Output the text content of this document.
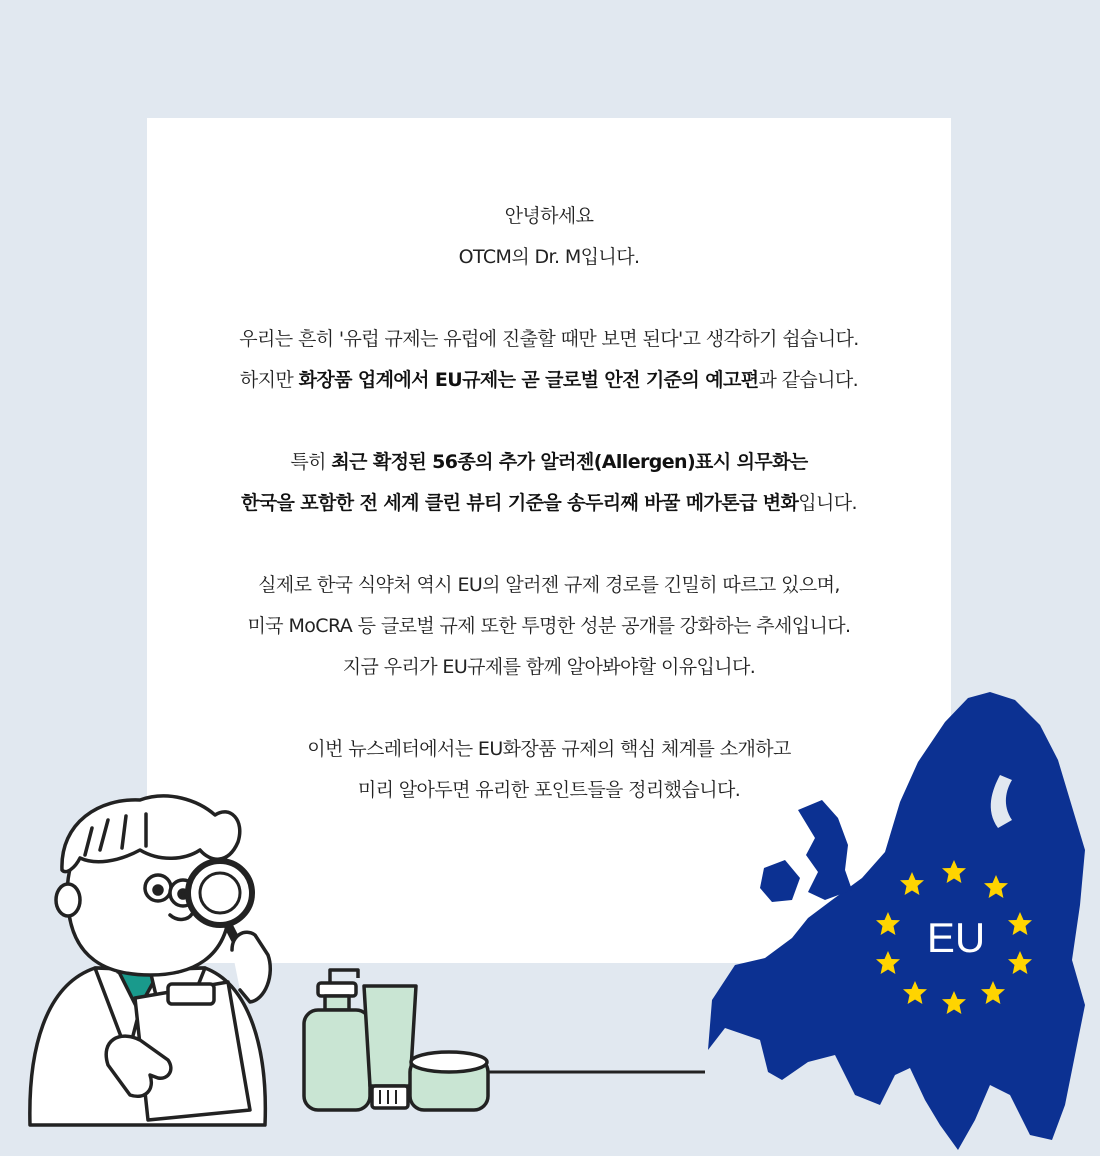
안녕하세요
OTCM의 Dr. M입니다.

우리는 흔히 '유럽 규제는 유럽에 진출할 때만 보면 된다'고 생각하기 쉽습니다.
하지만 화장품 업계에서 EU규제는 곧 글로벌 안전 기준의 예고편과 같습니다.

특히 최근 확정된 56종의 추가 알러젠(Allergen)표시 의무화는
한국을 포함한 전 세계 클린 뷰티 기준을 송두리째 바꿀 메가톤급 변화입니다.

실제로 한국 식약처 역시 EU의 알러젠 규제 경로를 긴밀히 따르고 있으며,
미국 MoCRA 등 글로벌 규제 또한 투명한 성분 공개를 강화하는 추세입니다.
지금 우리가 EU규제를 함께 알아봐야할 이유입니다.

이번 뉴스레터에서는 EU화장품 규제의 핵심 체계를 소개하고
미리 알아두면 유리한 포인트들을 정리했습니다.

EU
